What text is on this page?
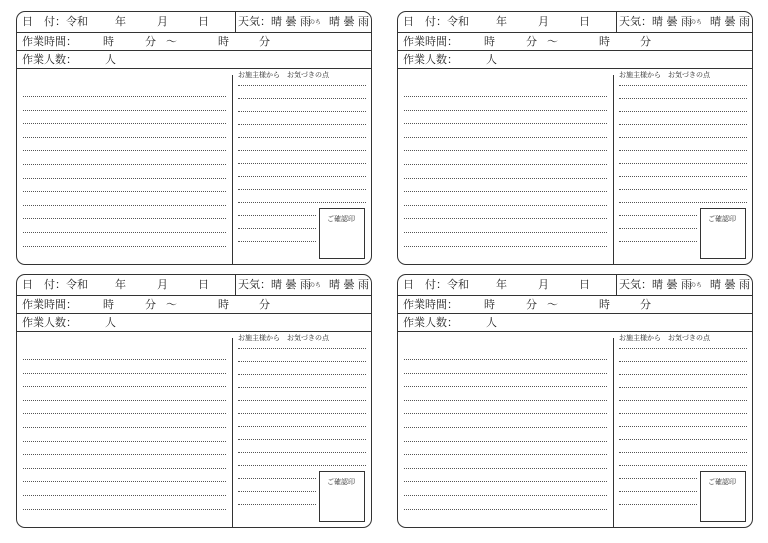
日　付：令和 年	月	日	天気：晴 曇 雨
のち 晴 曇 雨
作業時間： 時	分 〜	時	分
作業人数：	人
お施主様から　お気づきの点
ご確認印
日　付：令和 年	月	日	天気：晴 曇 雨
のち 晴 曇 雨
作業時間： 時	分 〜	時	分
作業人数：	人
お施主様から　お気づきの点
ご確認印
日　付：令和 年	月	日	天気：晴 曇 雨
のち 晴 曇 雨
作業時間： 時	分 〜	時	分
作業人数：	人
お施主様から　お気づきの点
ご確認印
日　付：令和 年	月	日	天気：晴 曇 雨
のち 晴 曇 雨
作業時間： 時	分 〜	時	分
作業人数：	人
お施主様から　お気づきの点
ご確認印
